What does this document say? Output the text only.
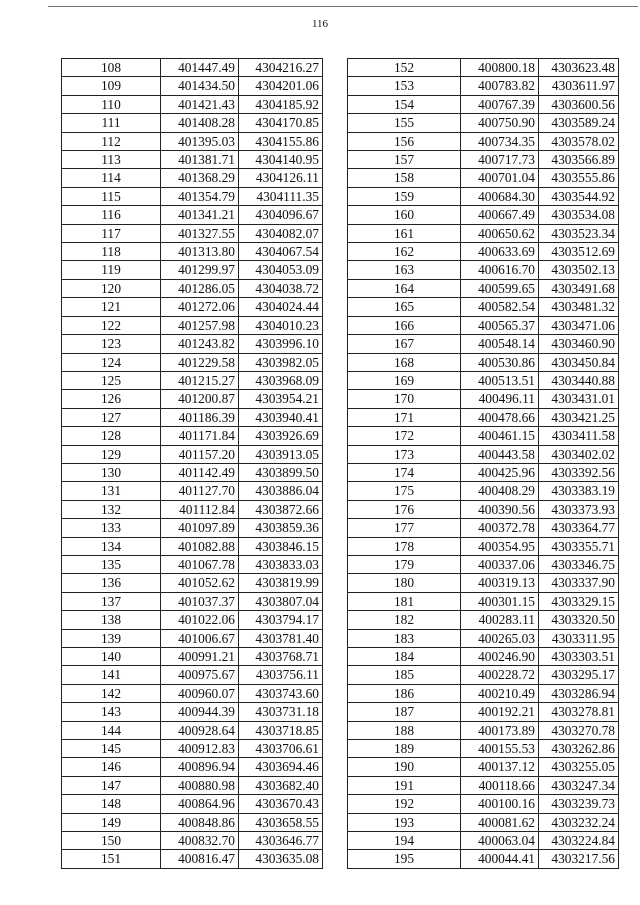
116
108	401447.49	4304216.27
109	401434.50	4304201.06
110	401421.43	4304185.92
111	401408.28	4304170.85
112	401395.03	4304155.86
113	401381.71	4304140.95
114	401368.29	4304126.11
115	401354.79	4304111.35
116	401341.21	4304096.67
117	401327.55	4304082.07
118	401313.80	4304067.54
119	401299.97	4304053.09
120	401286.05	4304038.72
121	401272.06	4304024.44
122	401257.98	4304010.23
123	401243.82	4303996.10
124	401229.58	4303982.05
125	401215.27	4303968.09
126	401200.87	4303954.21
127	401186.39	4303940.41
128	401171.84	4303926.69
129	401157.20	4303913.05
130	401142.49	4303899.50
131	401127.70	4303886.04
132	401112.84	4303872.66
133	401097.89	4303859.36
134	401082.88	4303846.15
135	401067.78	4303833.03
136	401052.62	4303819.99
137	401037.37	4303807.04
138	401022.06	4303794.17
139	401006.67	4303781.40
140	400991.21	4303768.71
141	400975.67	4303756.11
142	400960.07	4303743.60
143	400944.39	4303731.18
144	400928.64	4303718.85
145	400912.83	4303706.61
146	400896.94	4303694.46
147	400880.98	4303682.40
148	400864.96	4303670.43
149	400848.86	4303658.55
150	400832.70	4303646.77
151	400816.47	4303635.08
152	400800.18	4303623.48
153	400783.82	4303611.97
154	400767.39	4303600.56
155	400750.90	4303589.24
156	400734.35	4303578.02
157	400717.73	4303566.89
158	400701.04	4303555.86
159	400684.30	4303544.92
160	400667.49	4303534.08
161	400650.62	4303523.34
162	400633.69	4303512.69
163	400616.70	4303502.13
164	400599.65	4303491.68
165	400582.54	4303481.32
166	400565.37	4303471.06
167	400548.14	4303460.90
168	400530.86	4303450.84
169	400513.51	4303440.88
170	400496.11	4303431.01
171	400478.66	4303421.25
172	400461.15	4303411.58
173	400443.58	4303402.02
174	400425.96	4303392.56
175	400408.29	4303383.19
176	400390.56	4303373.93
177	400372.78	4303364.77
178	400354.95	4303355.71
179	400337.06	4303346.75
180	400319.13	4303337.90
181	400301.15	4303329.15
182	400283.11	4303320.50
183	400265.03	4303311.95
184	400246.90	4303303.51
185	400228.72	4303295.17
186	400210.49	4303286.94
187	400192.21	4303278.81
188	400173.89	4303270.78
189	400155.53	4303262.86
190	400137.12	4303255.05
191	400118.66	4303247.34
192	400100.16	4303239.73
193	400081.62	4303232.24
194	400063.04	4303224.84
195	400044.41	4303217.56
